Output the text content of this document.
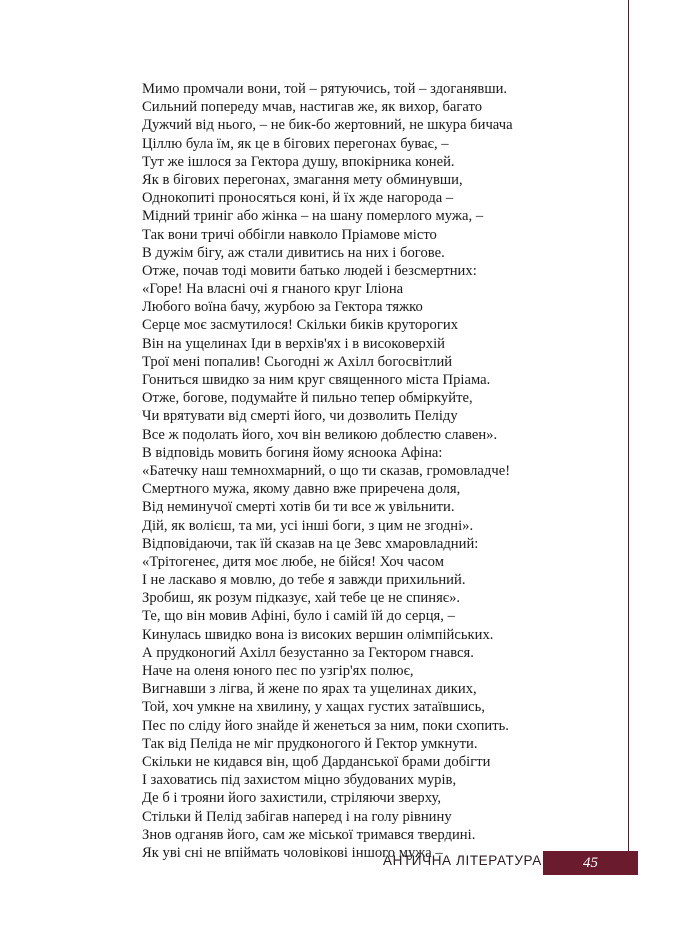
Мимо промчали вони, той – рятуючись, той – здоганявши.
Сильний попереду мчав, настигав же, як вихор, багато
Дужчий від нього, – не бик-бо жертовний, не шкура бичача
Ціллю була їм, як це в бігових перегонах буває, –
Тут же ішлося за Гектора душу, впокірника коней.
Як в бігових перегонах, змагання мету обминувши,
Однокопиті проносяться коні, й їх жде нагорода –
Мідний триніг або жінка – на шану померлого мужа, –
Так вони тричі оббігли навколо Пріамове місто
В дужім бігу, аж стали дивитись на них і богове.
Отже, почав тоді мовити батько людей і безсмертних:
«Горе! На власні очі я гнаного круг Іліона
Любого воїна бачу, журбою за Гектора тяжко
Серце моє засмутилося! Скільки биків круторогих
Він на ущелинах Іди в верхів'ях і в високоверхій
Трої мені попалив! Сьогодні ж Ахілл богосвітлий
Гониться швидко за ним круг священного міста Пріама.
Отже, богове, подумайте й пильно тепер обміркуйте,
Чи врятувати від смерті його, чи дозволить Пеліду
Все ж подолать його, хоч він великою доблестю славен».
В відповідь мовить богиня йому ясноока Афіна:
«Батечку наш темнохмарний, о що ти сказав, громовладче!
Смертного мужа, якому давно вже приречена доля,
Від неминучої смерті хотів би ти все ж увільнити.
Дій, як волієш, та ми, усі інші боги, з цим не згодні».
Відповідаючи, так їй сказав на це Зевс хмаровладний:
«Трітогенеє, дитя моє любе, не бійся! Хоч часом
І не ласкаво я мовлю, до тебе я завжди прихильний.
Зробиш, як розум підказує, хай тебе це не спиняє».
Те, що він мовив Афіні, було і самій їй до серця, –
Кинулась швидко вона із високих вершин олімпійських.
А прудконогий Ахілл безустанно за Гектором гнався.
Наче на оленя юного пес по узгір'ях полює,
Вигнавши з лігва, й жене по ярах та ущелинах диких,
Той, хоч умкне на хвилину, у хащах густих затаївшись,
Пес по сліду його знайде й женеться за ним, поки схопить.
Так від Пеліда не міг прудконогого й Гектор умкнути.
Скільки не кидався він, щоб Дарданської брами добігти
І заховатись під захистом міцно збудованих мурів,
Де б і трояни його захистили, стріляючи зверху,
Стільки й Пелід забігав наперед і на голу рівнину
Знов одганяв його, сам же міської тримався твердині.
Як уві сні не впіймать чоловікові іншого мужа –
АНТИЧНА ЛІТЕРАТУРА	45
